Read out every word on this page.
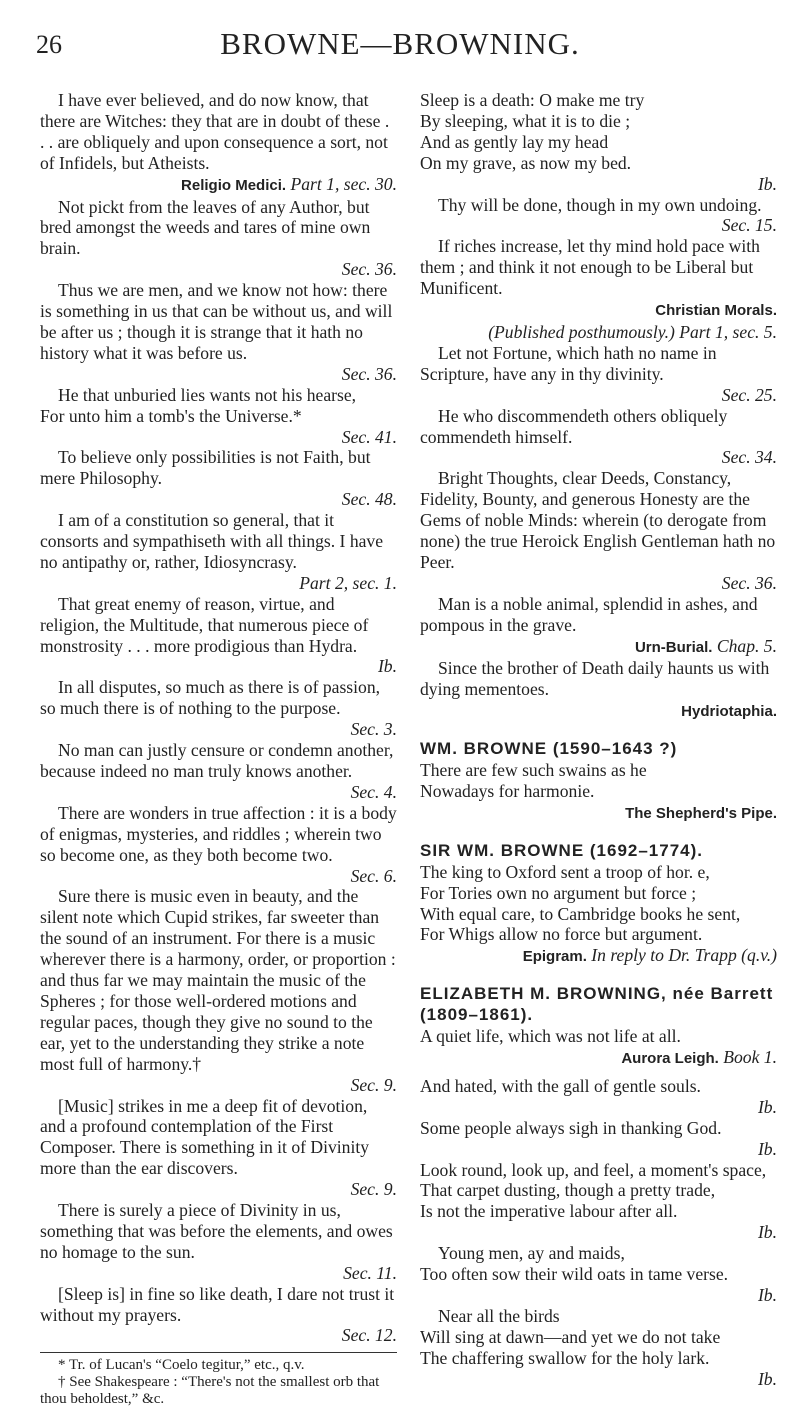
26	BROWNE—BROWNING.

I have ever believed, and do now know, that there are Witches: they that are in doubt of these . . . are obliquely and upon consequence a sort, not of Infidels, but Atheists.

Religio Medici. Part 1, sec. 30.

Not pickt from the leaves of any Author, but bred amongst the weeds and tares of mine own brain.

Sec. 36.

Thus we are men, and we know not how: there is something in us that can be without us, and will be after us ; though it is strange that it hath no history what it was before us.

Sec. 36.

He that unburied lies wants not his hearse,
For unto him a tomb's the Universe.*

Sec. 41.

To believe only possibilities is not Faith, but mere Philosophy.

Sec. 48.

I am of a constitution so general, that it consorts and sympathiseth with all things. I have no antipathy or, rather, Idiosyncrasy.

Part 2, sec. 1.

That great enemy of reason, virtue, and religion, the Multitude, that numerous piece of monstrosity . . . more prodigious than Hydra.

Ib.

In all disputes, so much as there is of passion, so much there is of nothing to the purpose.

Sec. 3.

No man can justly censure or condemn another, because indeed no man truly knows another.

Sec. 4.

There are wonders in true affection : it is a body of enigmas, mysteries, and riddles ; wherein two so become one, as they both become two.

Sec. 6.

Sure there is music even in beauty, and the silent note which Cupid strikes, far sweeter than the sound of an instrument. For there is a music wherever there is a harmony, order, or proportion : and thus far we may maintain the music of the Spheres ; for those well-ordered motions and regular paces, though they give no sound to the ear, yet to the understanding they strike a note most full of harmony.†

Sec. 9.

[Music] strikes in me a deep fit of devotion, and a profound contemplation of the First Composer. There is something in it of Divinity more than the ear discovers.

Sec. 9.

There is surely a piece of Divinity in us, something that was before the elements, and owes no homage to the sun.

Sec. 11.

[Sleep is] in fine so like death, I dare not trust it without my prayers.

Sec. 12.

* Tr. of Lucan's “Coelo tegitur,” etc., q.v.

† See Shakespeare : “There's not the smallest orb that thou beholdest,” &c.

Sleep is a death: O make me try
By sleeping, what it is to die ;
And as gently lay my head
On my grave, as now my bed.

Ib.

Thy will be done, though in my own undoing.

Sec. 15.

If riches increase, let thy mind hold pace with them ; and think it not enough to be Liberal but Munificent.

Christian Morals.

(Published posthumously.) Part 1, sec. 5.

Let not Fortune, which hath no name in Scripture, have any in thy divinity.

Sec. 25.

He who discommendeth others obliquely commendeth himself.

Sec. 34.

Bright Thoughts, clear Deeds, Constancy, Fidelity, Bounty, and generous Honesty are the Gems of noble Minds: wherein (to derogate from none) the true Heroick English Gentleman hath no Peer.

Sec. 36.

Man is a noble animal, splendid in ashes, and pompous in the grave.

Urn-Burial. Chap. 5.

Since the brother of Death daily haunts us with dying mementoes.

Hydriotaphia.

WM. BROWNE (1590–1643 ?)

There are few such swains as he
Nowadays for harmonie.

The Shepherd's Pipe.

SIR WM. BROWNE (1692–1774).

The king to Oxford sent a troop of hor. e,
For Tories own no argument but force ;
With equal care, to Cambridge books he sent,
For Whigs allow no force but argument.

Epigram. In reply to Dr. Trapp (q.v.)

ELIZABETH M. BROWNING, née Barrett (1809–1861).

A quiet life, which was not life at all.

Aurora Leigh. Book 1.

And hated, with the gall of gentle souls.

Ib.

Some people always sigh in thanking God.

Ib.

Look round, look up, and feel, a moment's space,
That carpet dusting, though a pretty trade,
Is not the imperative labour after all.

Ib.

Young men, ay and maids,
Too often sow their wild oats in tame verse.

Ib.

Near all the birds
Will sing at dawn—and yet we do not take
The chaffering swallow for the holy lark.

Ib.
